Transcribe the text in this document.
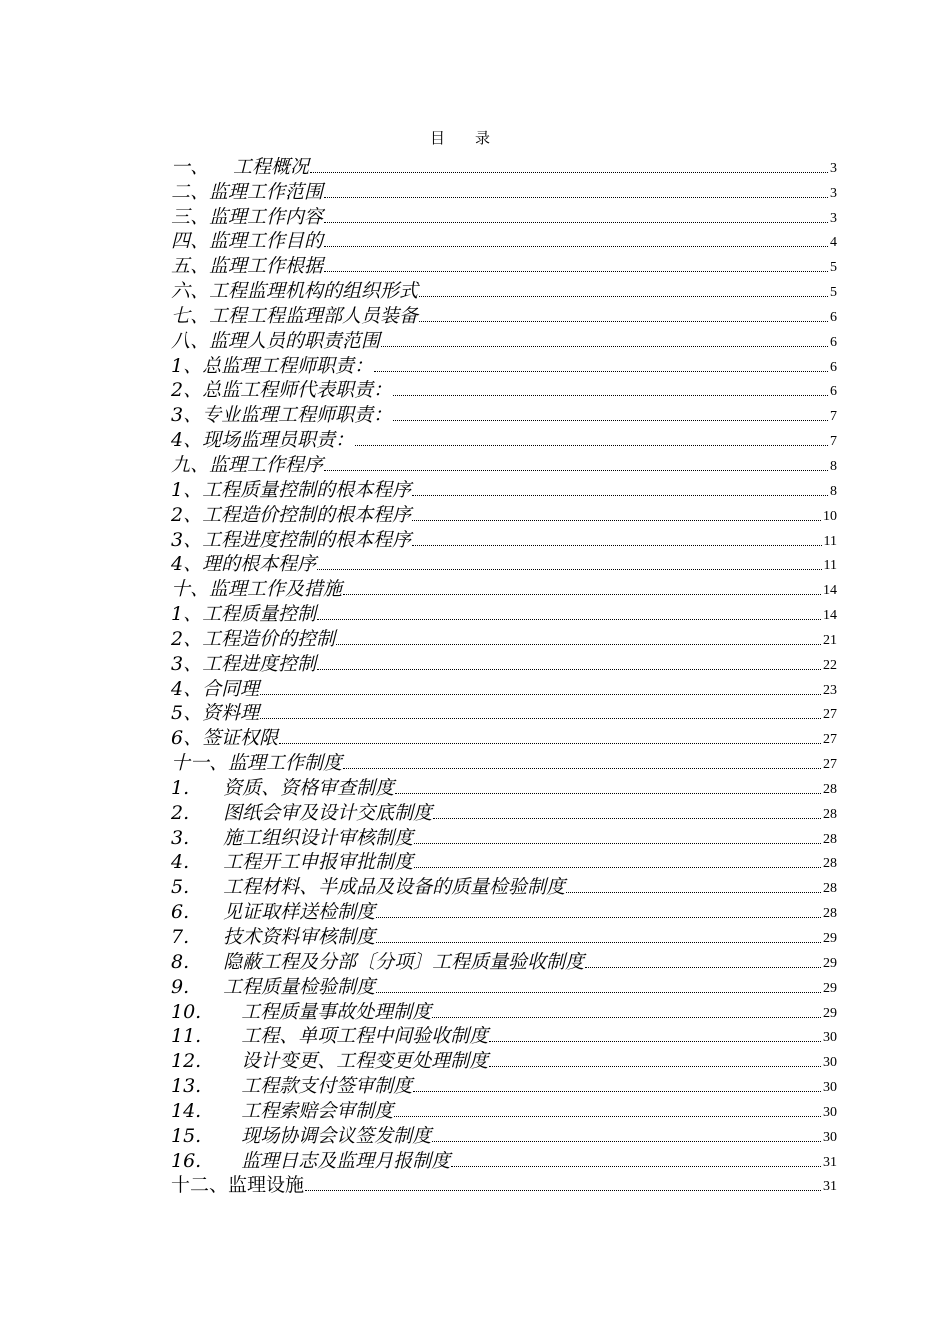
目　　录
一、 工程概况	3
二、监理工作范围	3
三、监理工作内容	3
四、监理工作目的	4
五、监理工作根据	5
六、工程监理机构的组织形式	5
七、工程工程监理部人员装备	6
八、监理人员的职责范围	6
1、总监理工程师职责：	6
2、总监工程师代表职责：	6
3、专业监理工程师职责：	7
4、现场监理员职责：	7
九、监理工作程序	8
1、工程质量控制的根本程序	8
2、工程造价控制的根本程序	10
3、工程进度控制的根本程序	11
4、理的根本程序	11
十、监理工作及措施	14
1、工程质量控制	14
2、工程造价的控制	21
3、工程进度控制	22
4、合同理	23
5、资料理	27
6、签证权限	27
十一、监理工作制度	27
1. 资质、资格审查制度	28
2. 图纸会审及设计交底制度	28
3. 施工组织设计审核制度	28
4. 工程开工申报审批制度	28
5. 工程材料、半成品及设备的质量检验制度	28
6. 见证取样送检制度	28
7. 技术资料审核制度	29
8. 隐蔽工程及分部〔分项〕工程质量验收制度	29
9. 工程质量检验制度	29
10. 工程质量事故处理制度	29
11. 工程、单项工程中间验收制度	30
12. 设计变更、工程变更处理制度	30
13. 工程款支付签审制度	30
14. 工程索赔会审制度	30
15. 现场协调会议签发制度	30
16. 监理日志及监理月报制度	31
十二、监理设施	31
